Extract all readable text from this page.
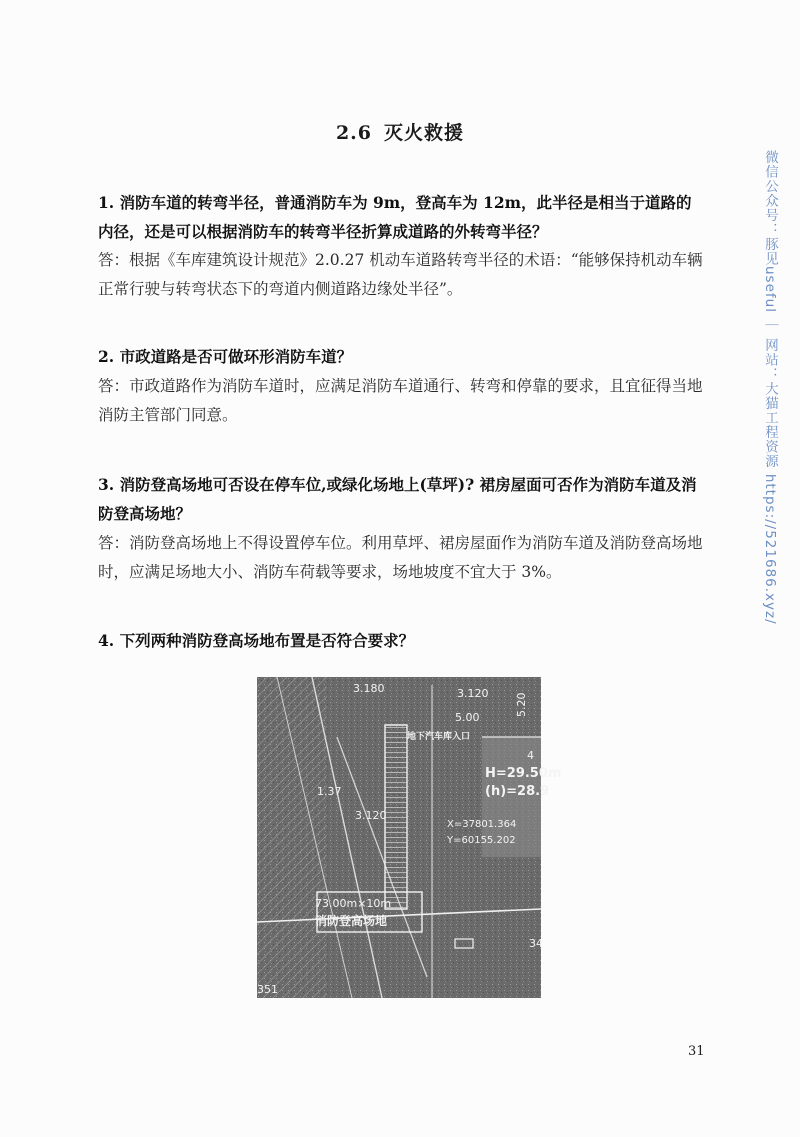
2.6 灭火救援

1. 消防车道的转弯半径，普通消防车为 9m，登高车为 12m，此半径是相当于道路的内径，还是可以根据消防车的转弯半径折算成道路的外转弯半径？

答：根据《车库建筑设计规范》2.0.27 机动车道路转弯半径的术语：“能够保持机动车辆正常行驶与转弯状态下的弯道内侧道路边缘处半径”。

2. 市政道路是否可做环形消防车道？

答：市政道路作为消防车道时，应满足消防车道通行、转弯和停靠的要求，且宜征得当地消防主管部门同意。

3. 消防登高场地可否设在停车位,或绿化场地上(草坪)? 裙房屋面可否作为消防车道及消防登高场地？

答：消防登高场地上不得设置停车位。利用草坪、裙房屋面作为消防车道及消防登高场地时，应满足场地大小、消防车荷载等要求，场地坡度不宜大于 3%。

4. 下列两种消防登高场地布置是否符合要求？

3.180	3.120
地下汽车库入口
5.00
5.20
4
H=29.50m
(h)=28.9
1.37
3.120
X=37801.364
Y=60155.202
73.00m×10m
消防登高场地
34
351
微信公众号：豚见useful ｜ 网站：大猫工程资源 https://521686.xyz/
31
